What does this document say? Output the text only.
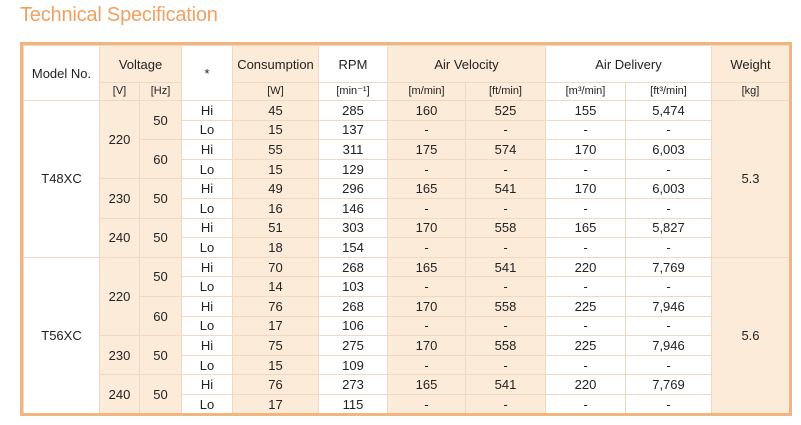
Technical Specification
Model No.	Voltage		*	Consumption	RPM	Air Velocity		Air Delivery		Weight
	[V]	[Hz]		[W]	[min⁻¹]	[m/min]	[ft/min]	[m³/min]	[ft³/min]	[kg]
T48XC	220	50	Hi	45	285	160	525	155	5,474	5.3
			Lo	15	137	-	-	-	-	
		60	Hi	55	311	175	574	170	6,003	
			Lo	15	129	-	-	-	-	
	230	50	Hi	49	296	165	541	170	6,003	
			Lo	16	146	-	-	-	-	
	240	50	Hi	51	303	170	558	165	5,827	
			Lo	18	154	-	-	-	-	
T56XC	220	50	Hi	70	268	165	541	220	7,769	5.6
			Lo	14	103	-	-	-	-	
		60	Hi	76	268	170	558	225	7,946	
			Lo	17	106	-	-	-	-	
	230	50	Hi	75	275	170	558	225	7,946	
			Lo	15	109	-	-	-	-	
	240	50	Hi	76	273	165	541	220	7,769	
			Lo	17	115	-	-	-	-	
